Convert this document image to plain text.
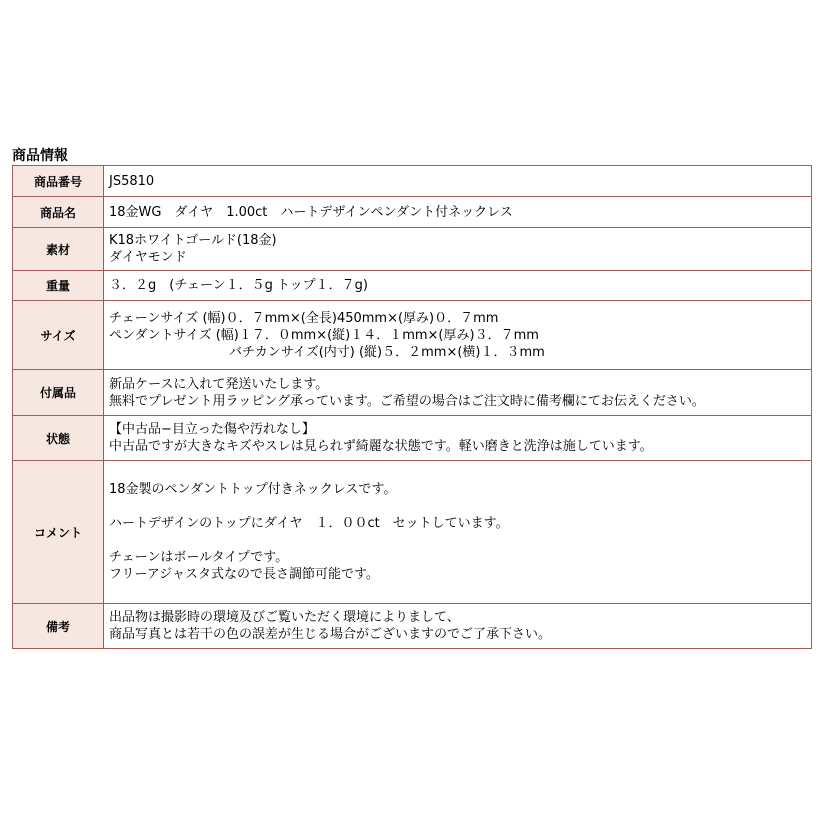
商品情報
商品番号	JS5810
商品名	18金WG　ダイヤ　1.00ct　ハートデザインペンダント付ネックレス
素材	K18ホワイトゴールド(18金)
ダイヤモンド

重量	３．２g　(チェーン１．５g トップ１．７g)
サイズ	チェーンサイズ (幅)０．７mm×(全長)450mm×(厚み)０．７mm
ペンダントサイズ (幅)１７．０mm×(縦)１４．１mm×(厚み)３．７mm
バチカンサイズ(内寸) (縦)５．２mm×(横)１．３mm

付属品	新品ケースに入れて発送いたします。
無料でプレゼント用ラッピング承っています。ご希望の場合はご注文時に備考欄にてお伝えください。

状態	【中古品−目立った傷や汚れなし】
中古品ですが大きなキズやスレは見られず綺麗な状態です。軽い磨きと洗浄は施しています。

コメント	18金製のペンダントトップ付きネックレスです。
ハートデザインのトップにダイヤ　１．００ct　セットしています。
チェーンはボールタイプです。
フリーアジャスタ式なので長さ調節可能です。

備考	出品物は撮影時の環境及びご覧いただく環境によりまして、
商品写真とは若干の色の誤差が生じる場合がございますのでご了承下さい。
